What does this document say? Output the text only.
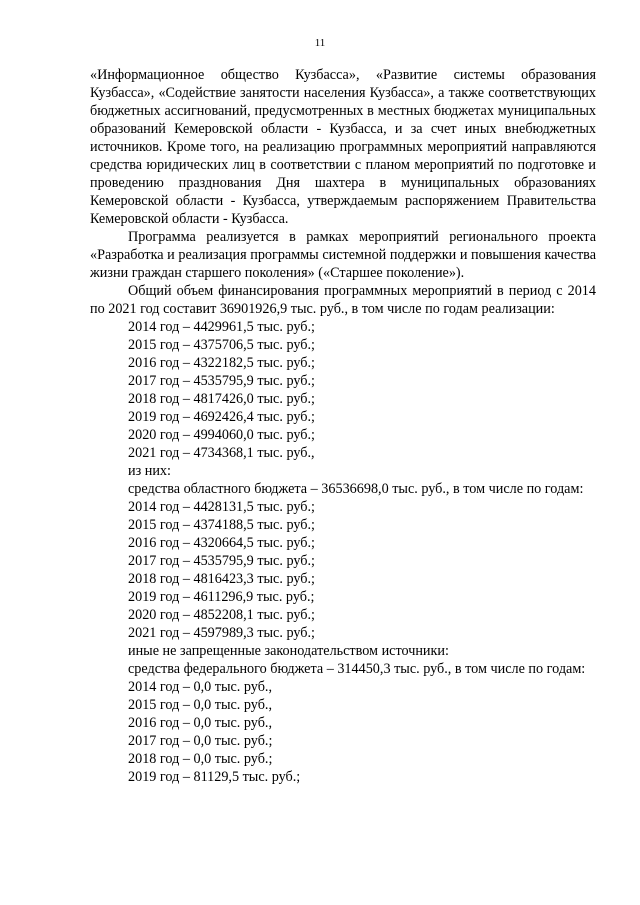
11

«Информационное общество Кузбасса», «Развитие системы образования Кузбасса», «Содействие занятости населения Кузбасса», а также соответствующих бюджетных ассигнований, предусмотренных в местных бюджетах муниципальных образований Кемеровской области - Кузбасса, и за счет иных внебюджетных источников. Кроме того, на реализацию программных мероприятий направляются средства юридических лиц в соответствии с планом мероприятий по подготовке и проведению празднования Дня шахтера в муниципальных образованиях Кемеровской области - Кузбасса, утверждаемым распоряжением Правительства Кемеровской области - Кузбасса.

Программа реализуется в рамках мероприятий регионального проекта «Разработка и реализация программы системной поддержки и повышения качества жизни граждан старшего поколения» («Старшее поколение»).

Общий объем финансирования программных мероприятий в период с 2014 по 2021 год составит 36901926,9 тыс. руб., в том числе по годам реализации:

2014 год – 4429961,5 тыс. руб.;
2015 год – 4375706,5 тыс. руб.;
2016 год – 4322182,5 тыс. руб.;
2017 год – 4535795,9 тыс. руб.;
2018 год – 4817426,0 тыс. руб.;
2019 год – 4692426,4 тыс. руб.;
2020 год – 4994060,0 тыс. руб.;
2021 год – 4734368,1 тыс. руб.,
из них:

средства областного бюджета – 36536698,0 тыс. руб., в том числе по годам:

2014 год – 4428131,5 тыс. руб.;
2015 год – 4374188,5 тыс. руб.;
2016 год – 4320664,5 тыс. руб.;
2017 год – 4535795,9 тыс. руб.;
2018 год – 4816423,3 тыс. руб.;
2019 год – 4611296,9 тыс. руб.;
2020 год – 4852208,1 тыс. руб.;
2021 год – 4597989,3 тыс. руб.;
иные не запрещенные законодательством источники:

средства федерального бюджета – 314450,3 тыс. руб., в том числе по годам:

2014 год – 0,0 тыс. руб.,
2015 год – 0,0 тыс. руб.,
2016 год – 0,0 тыс. руб.,
2017 год – 0,0 тыс. руб.;
2018 год – 0,0 тыс. руб.;
2019 год – 81129,5 тыс. руб.;
